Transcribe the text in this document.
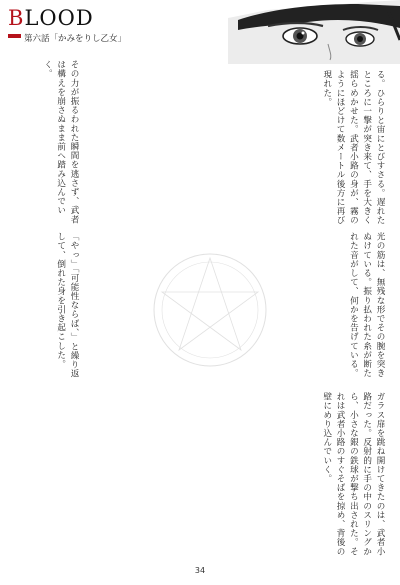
BLOOD
第六話「かみをりし乙女」

る。ひらりと宙にとびすさる。遅れたところに一撃が突き来て、手を大きく揺らめかせた。武者小路の身が、霧のようにほどけて数メートル後方に再び現れた。

光の筋は、無残な形でその腕を突きぬけている。振り払われた糸が断たれた音がして、何かを告げている。

ガラス扉を跳ね開けてきたのは、武者小路だった。反射的に手の中のスリングから、小さな銀の鉄球が撃ち出された。それは武者小路のすぐそばを掠め、背後の壁にめり込んでいく。

その力が振るわれた瞬間を逃さず、武者は構えを崩さぬまま前へ踏み込んでいく。

「やっ」「可能性ならば、」と繰り返して、倒れた身を引き起こした。

34
